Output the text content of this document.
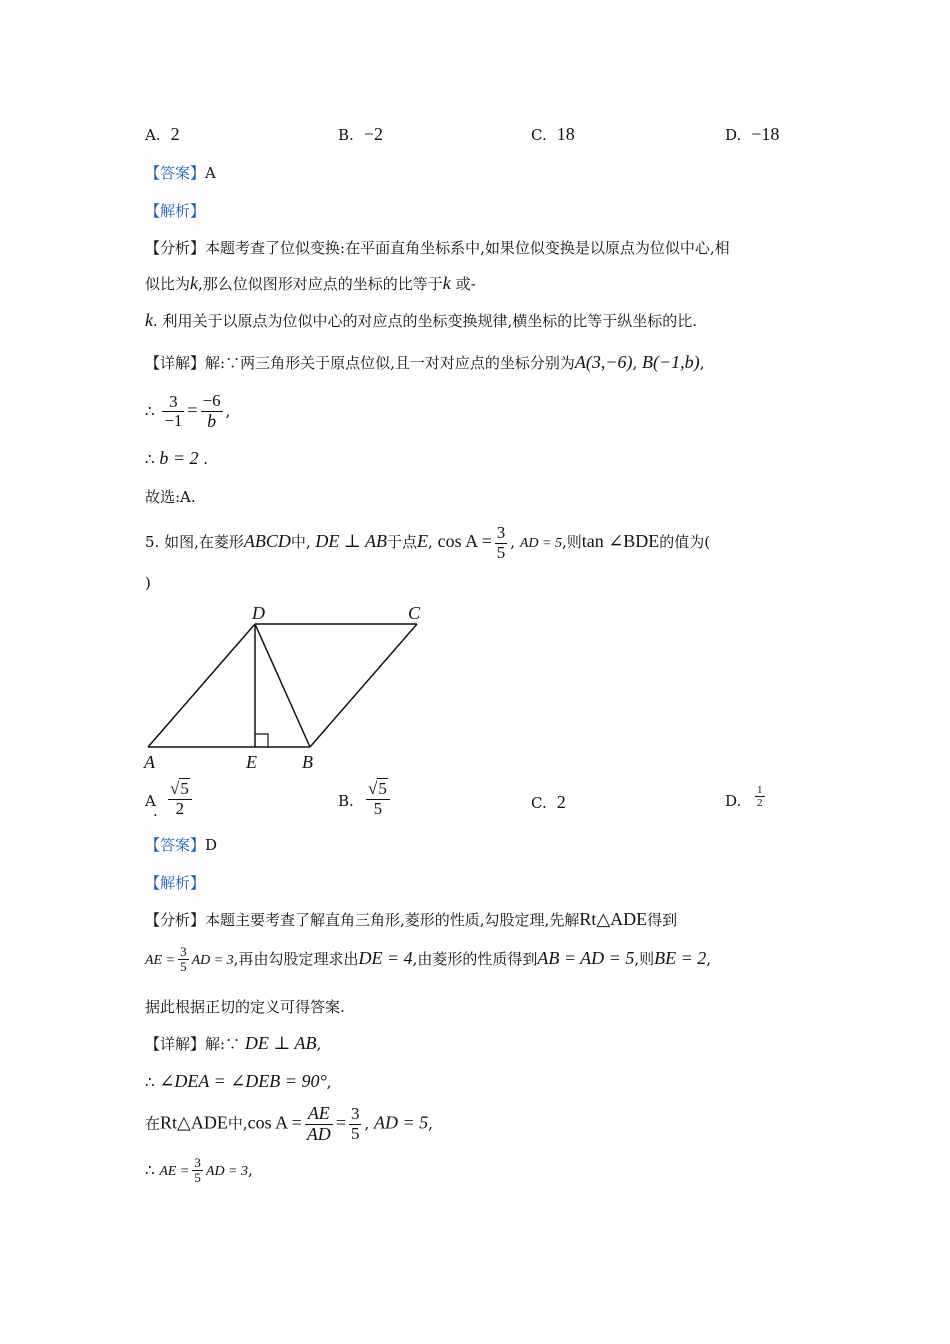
A. 2	B. −2	C. 18	D. −18
【答案】A
【解析】
【分析】本题考查了位似变换:在平面直角坐标系中,如果位似变换是以原点为位似中心,相
似比为k,那么位似图形对应点的坐标的比等于k 或-
k. 利用关于以原点为位似中心的对应点的坐标变换规律,横坐标的比等于纵坐标的比.
【详解】解:∵两三角形关于原点位似,且一对对应点的坐标分别为A(3,−6), B(−1,b),
∴ $\frac{3}{-1} = \frac{-6}{b}$ ,
∴ b = 2 .
故选:A.
5. 如图,在菱形ABCD中, DE ⊥ AB于点E, $\cos A = \frac{3}{5}$ , AD = 5,则tan ∠BDE的值为(
)
A	E	B
D	C
A
. $\frac{√5}{2}$	B. $\frac{√5}{5}$	C. 2	D. $\frac{1}{2}$
【答案】D
【解析】
【分析】本题主要考查了解直角三角形,菱形的性质,勾股定理,先解Rt△ADE得到
AE = $\frac{3}{5}$ AD = 3,再由勾股定理求出DE = 4,由菱形的性质得到AB = AD = 5,则BE = 2,
据此根据正切的定义可得答案.
【详解】解:∵ DE ⊥ AB,
∴ ∠DEA = ∠DEB = 90°,
在Rt△ADE中,cos $A = \frac{AE}{AD} = \frac{3}{5}$ , AD = 5,
∴ AE = $\frac{3}{5}$ AD = 3,
